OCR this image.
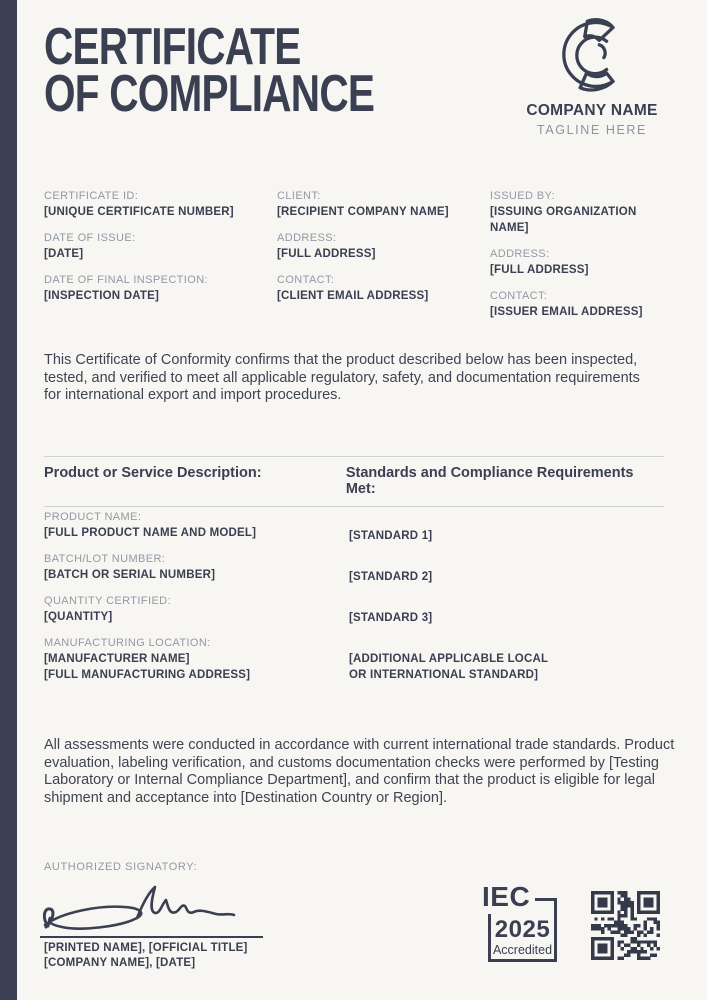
CERTIFICATE
OF COMPLIANCE	COMPANY NAME
TAGLINE HERE
CERTIFICATE ID:
[UNIQUE CERTIFICATE NUMBER]
DATE OF ISSUE:
[DATE]
DATE OF FINAL INSPECTION:
[INSPECTION DATE]
CLIENT:
[RECIPIENT COMPANY NAME]
ADDRESS:
[FULL ADDRESS]
CONTACT:
[CLIENT EMAIL ADDRESS]
ISSUED BY:
[ISSUING ORGANIZATION NAME]
ADDRESS:
[FULL ADDRESS]
CONTACT:
[ISSUER EMAIL ADDRESS]
This Certificate of Conformity confirms that the product described below has been inspected, tested, and verified to meet all applicable regulatory, safety, and documentation requirements for international export and import procedures.
Product or Service Description:	Standards and Compliance Requirements Met:
PRODUCT NAME:
[FULL PRODUCT NAME AND MODEL]
BATCH/LOT NUMBER:
[BATCH OR SERIAL NUMBER]
QUANTITY CERTIFIED:
[QUANTITY]
MANUFACTURING LOCATION:
[MANUFACTURER NAME]
[FULL MANUFACTURING ADDRESS]
[STANDARD 1]
[STANDARD 2]
[STANDARD 3]
[ADDITIONAL APPLICABLE LOCAL OR INTERNATIONAL STANDARD]
All assessments were conducted in accordance with current international trade standards. Product evaluation, labeling verification, and customs documentation checks were performed by [Testing Laboratory or Internal Compliance Department], and confirm that the product is eligible for legal shipment and acceptance into [Destination Country or Region].
AUTHORIZED SIGNATORY:
[PRINTED NAME], [OFFICIAL TITLE]
[COMPANY NAME], [DATE]
IEC
2025
Accredited
